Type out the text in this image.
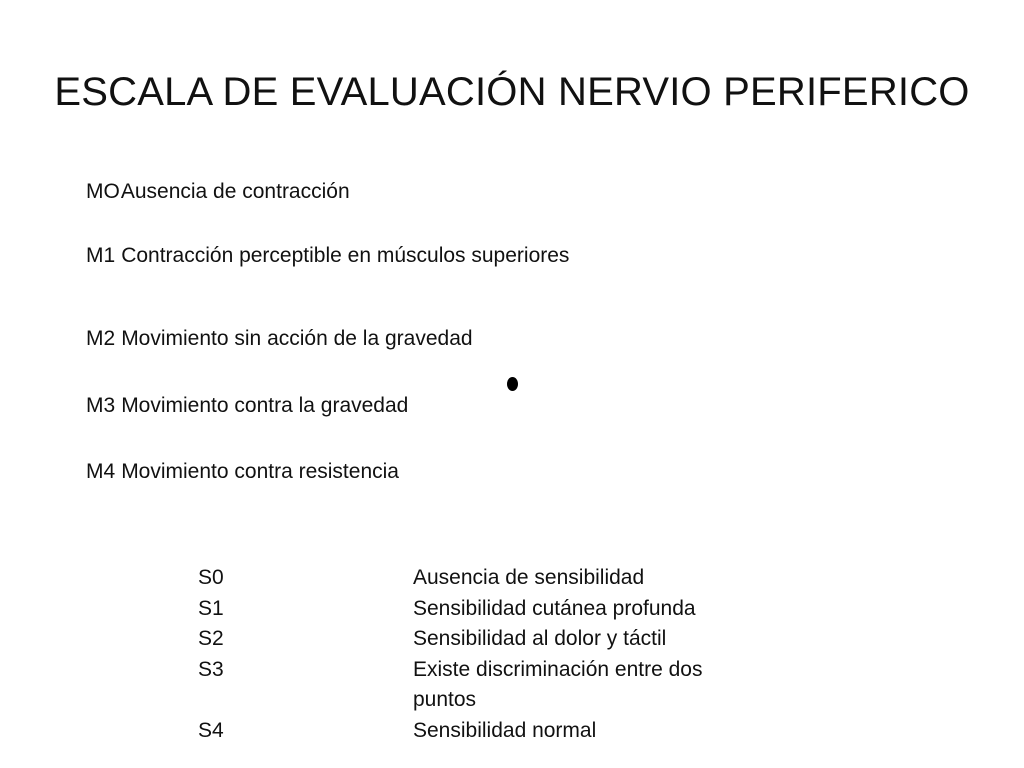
ESCALA DE EVALUACIÓN NERVIO PERIFERICO
MOAusencia de contracción
M1 Contracción perceptible en músculos superiores
M2 Movimiento sin acción de la gravedad
M3 Movimiento contra la gravedad
M4 Movimiento contra resistencia
S0	Ausencia de sensibilidad
S1	Sensibilidad cutánea profunda
S2	Sensibilidad al dolor y táctil
S3	Existe discriminación entre dos
puntos
S4	Sensibilidad normal
